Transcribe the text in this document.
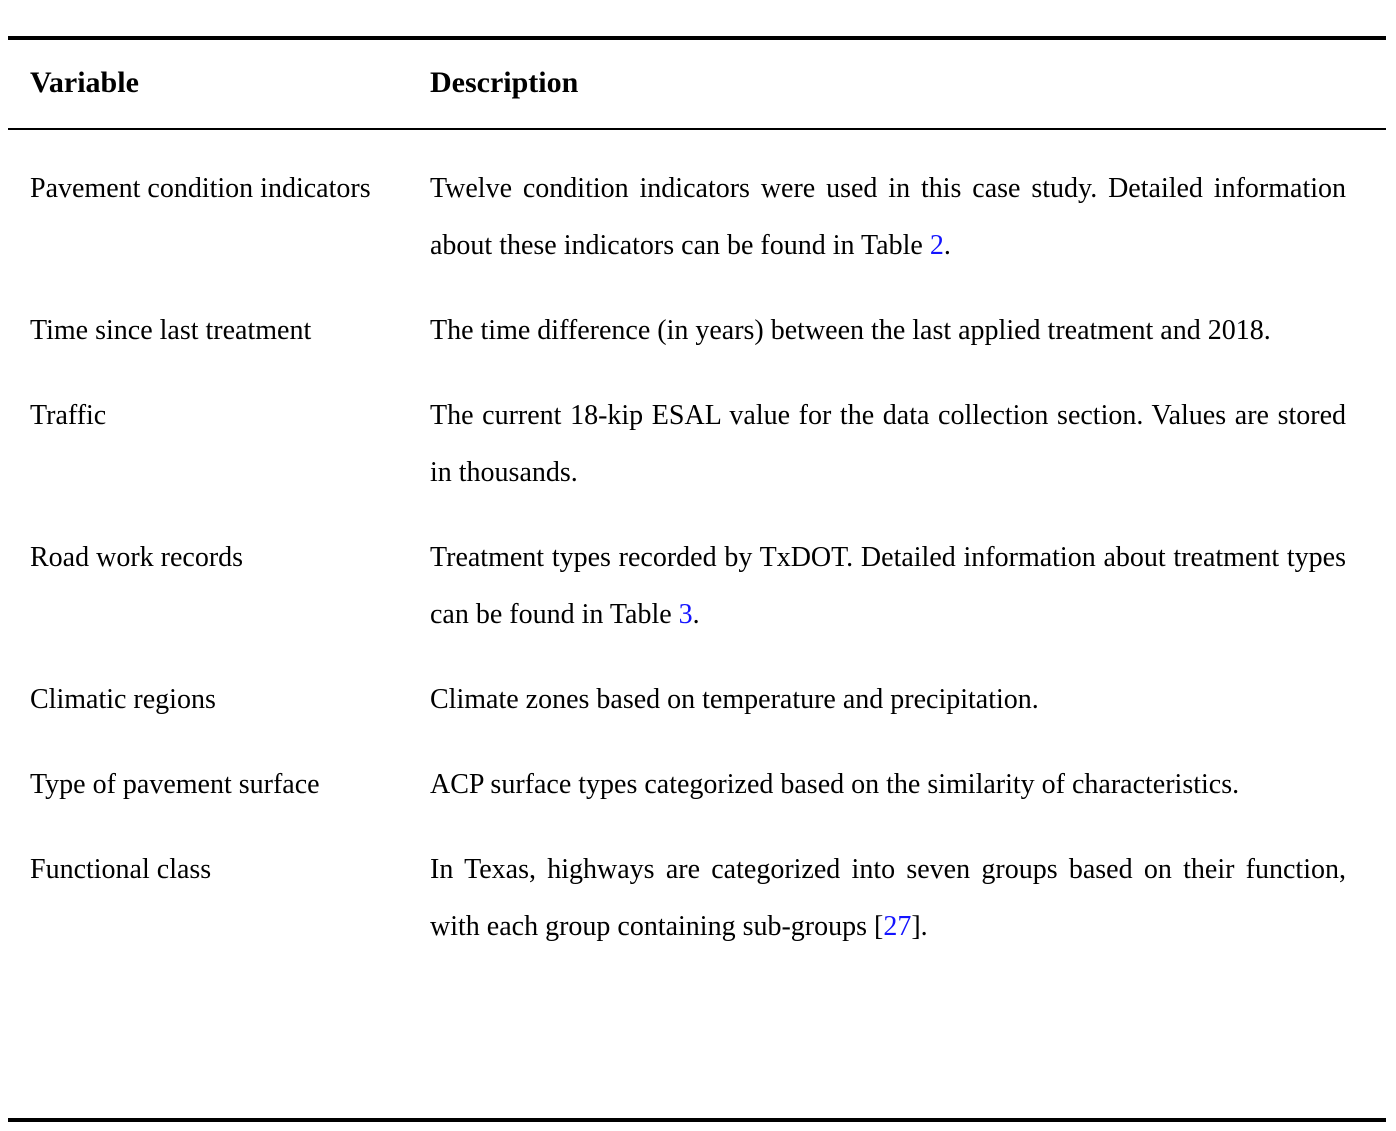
Variable	Description
Pavement condition indicators	Twelve condition indicators were used in this case study. Detailed information about these indicators can be found in Table 2.
Time since last treatment	The time difference (in years) between the last applied treatment and 2018.
Traffic	The current 18-kip ESAL value for the data collection section. Values are stored in thousands.
Road work records	Treatment types recorded by TxDOT. Detailed information about treatment types can be found in Table 3.
Climatic regions	Climate zones based on temperature and precipitation.
Type of pavement surface	ACP surface types categorized based on the similarity of characteristics.
Functional class	In Texas, highways are categorized into seven groups based on their function, with each group containing sub-groups [27].
